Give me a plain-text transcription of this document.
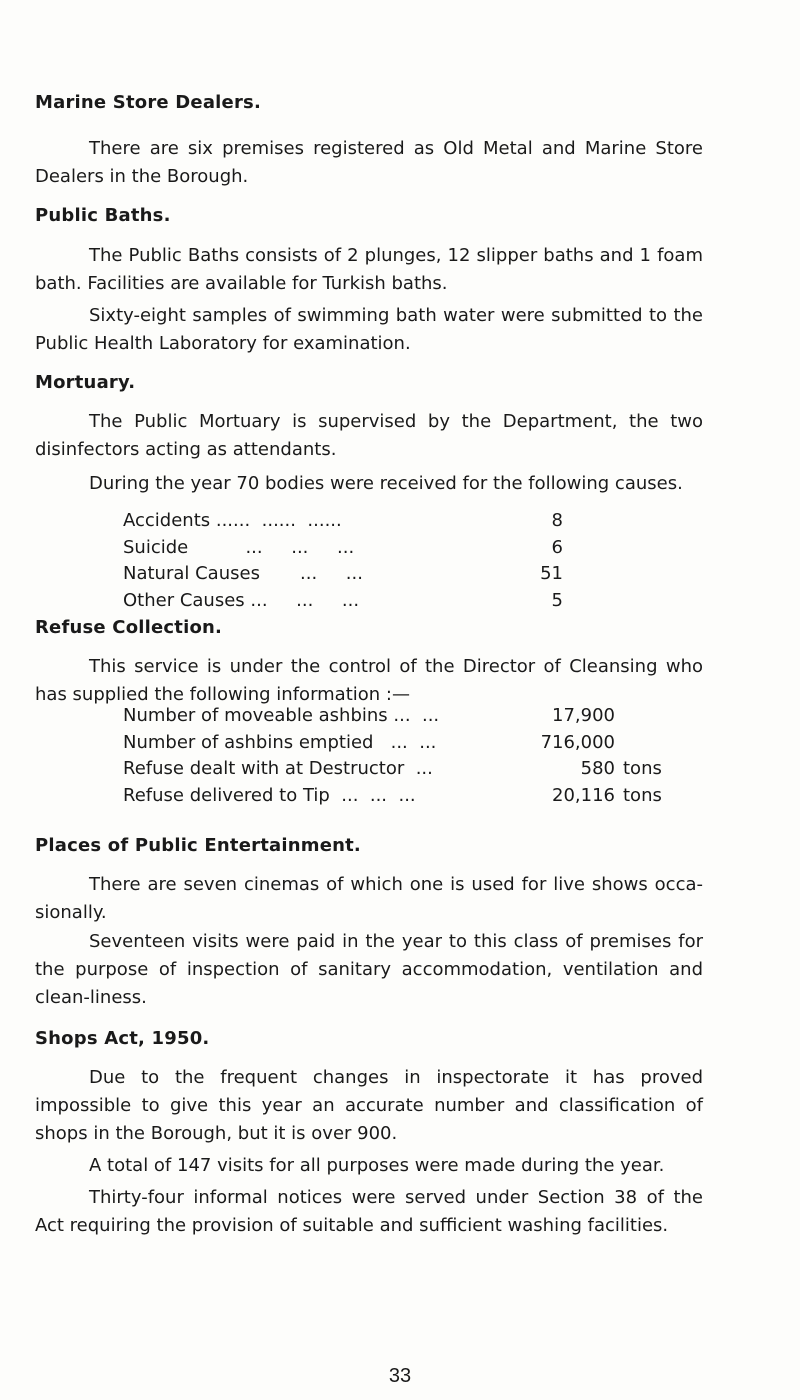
Marine Store Dealers.

There are six premises registered as Old Metal and Marine Store Dealers in the Borough.

Public Baths.

The Public Baths consists of 2 plunges, 12 slipper baths and 1 foam bath. Facilities are available for Turkish baths.

Sixty-eight samples of swimming bath water were submitted to the Public Health Laboratory for examination.

Mortuary.

The Public Mortuary is supervised by the Department, the two disinfectors acting as attendants.

During the year 70 bodies were received for the following causes.

Accidents ......  ......  ......	8
Suicide          ...     ...     ...	6
Natural Causes       ...     ...	51
Other Causes ...     ...     ...	5
Refuse Collection.

This service is under the control of the Director of Cleansing who has supplied the following information :—

Number of moveable ashbins ...  ...	17,900
Number of ashbins emptied   ...  ...	716,000
Refuse dealt with at Destructor  ...	580 tons
Refuse delivered to Tip  ...  ...  ...	20,116 tons
Places of Public Entertainment.

There are seven cinemas of which one is used for live shows occa-sionally.

Seventeen visits were paid in the year to this class of premises for the purpose of inspection of sanitary accommodation, ventilation and clean-liness.

Shops Act, 1950.

Due to the frequent changes in inspectorate it has proved impossible to give this year an accurate number and classification of shops in the Borough, but it is over 900.

A total of 147 visits for all purposes were made during the year.

Thirty-four informal notices were served under Section 38 of the Act requiring the provision of suitable and sufficient washing facilities.

33
